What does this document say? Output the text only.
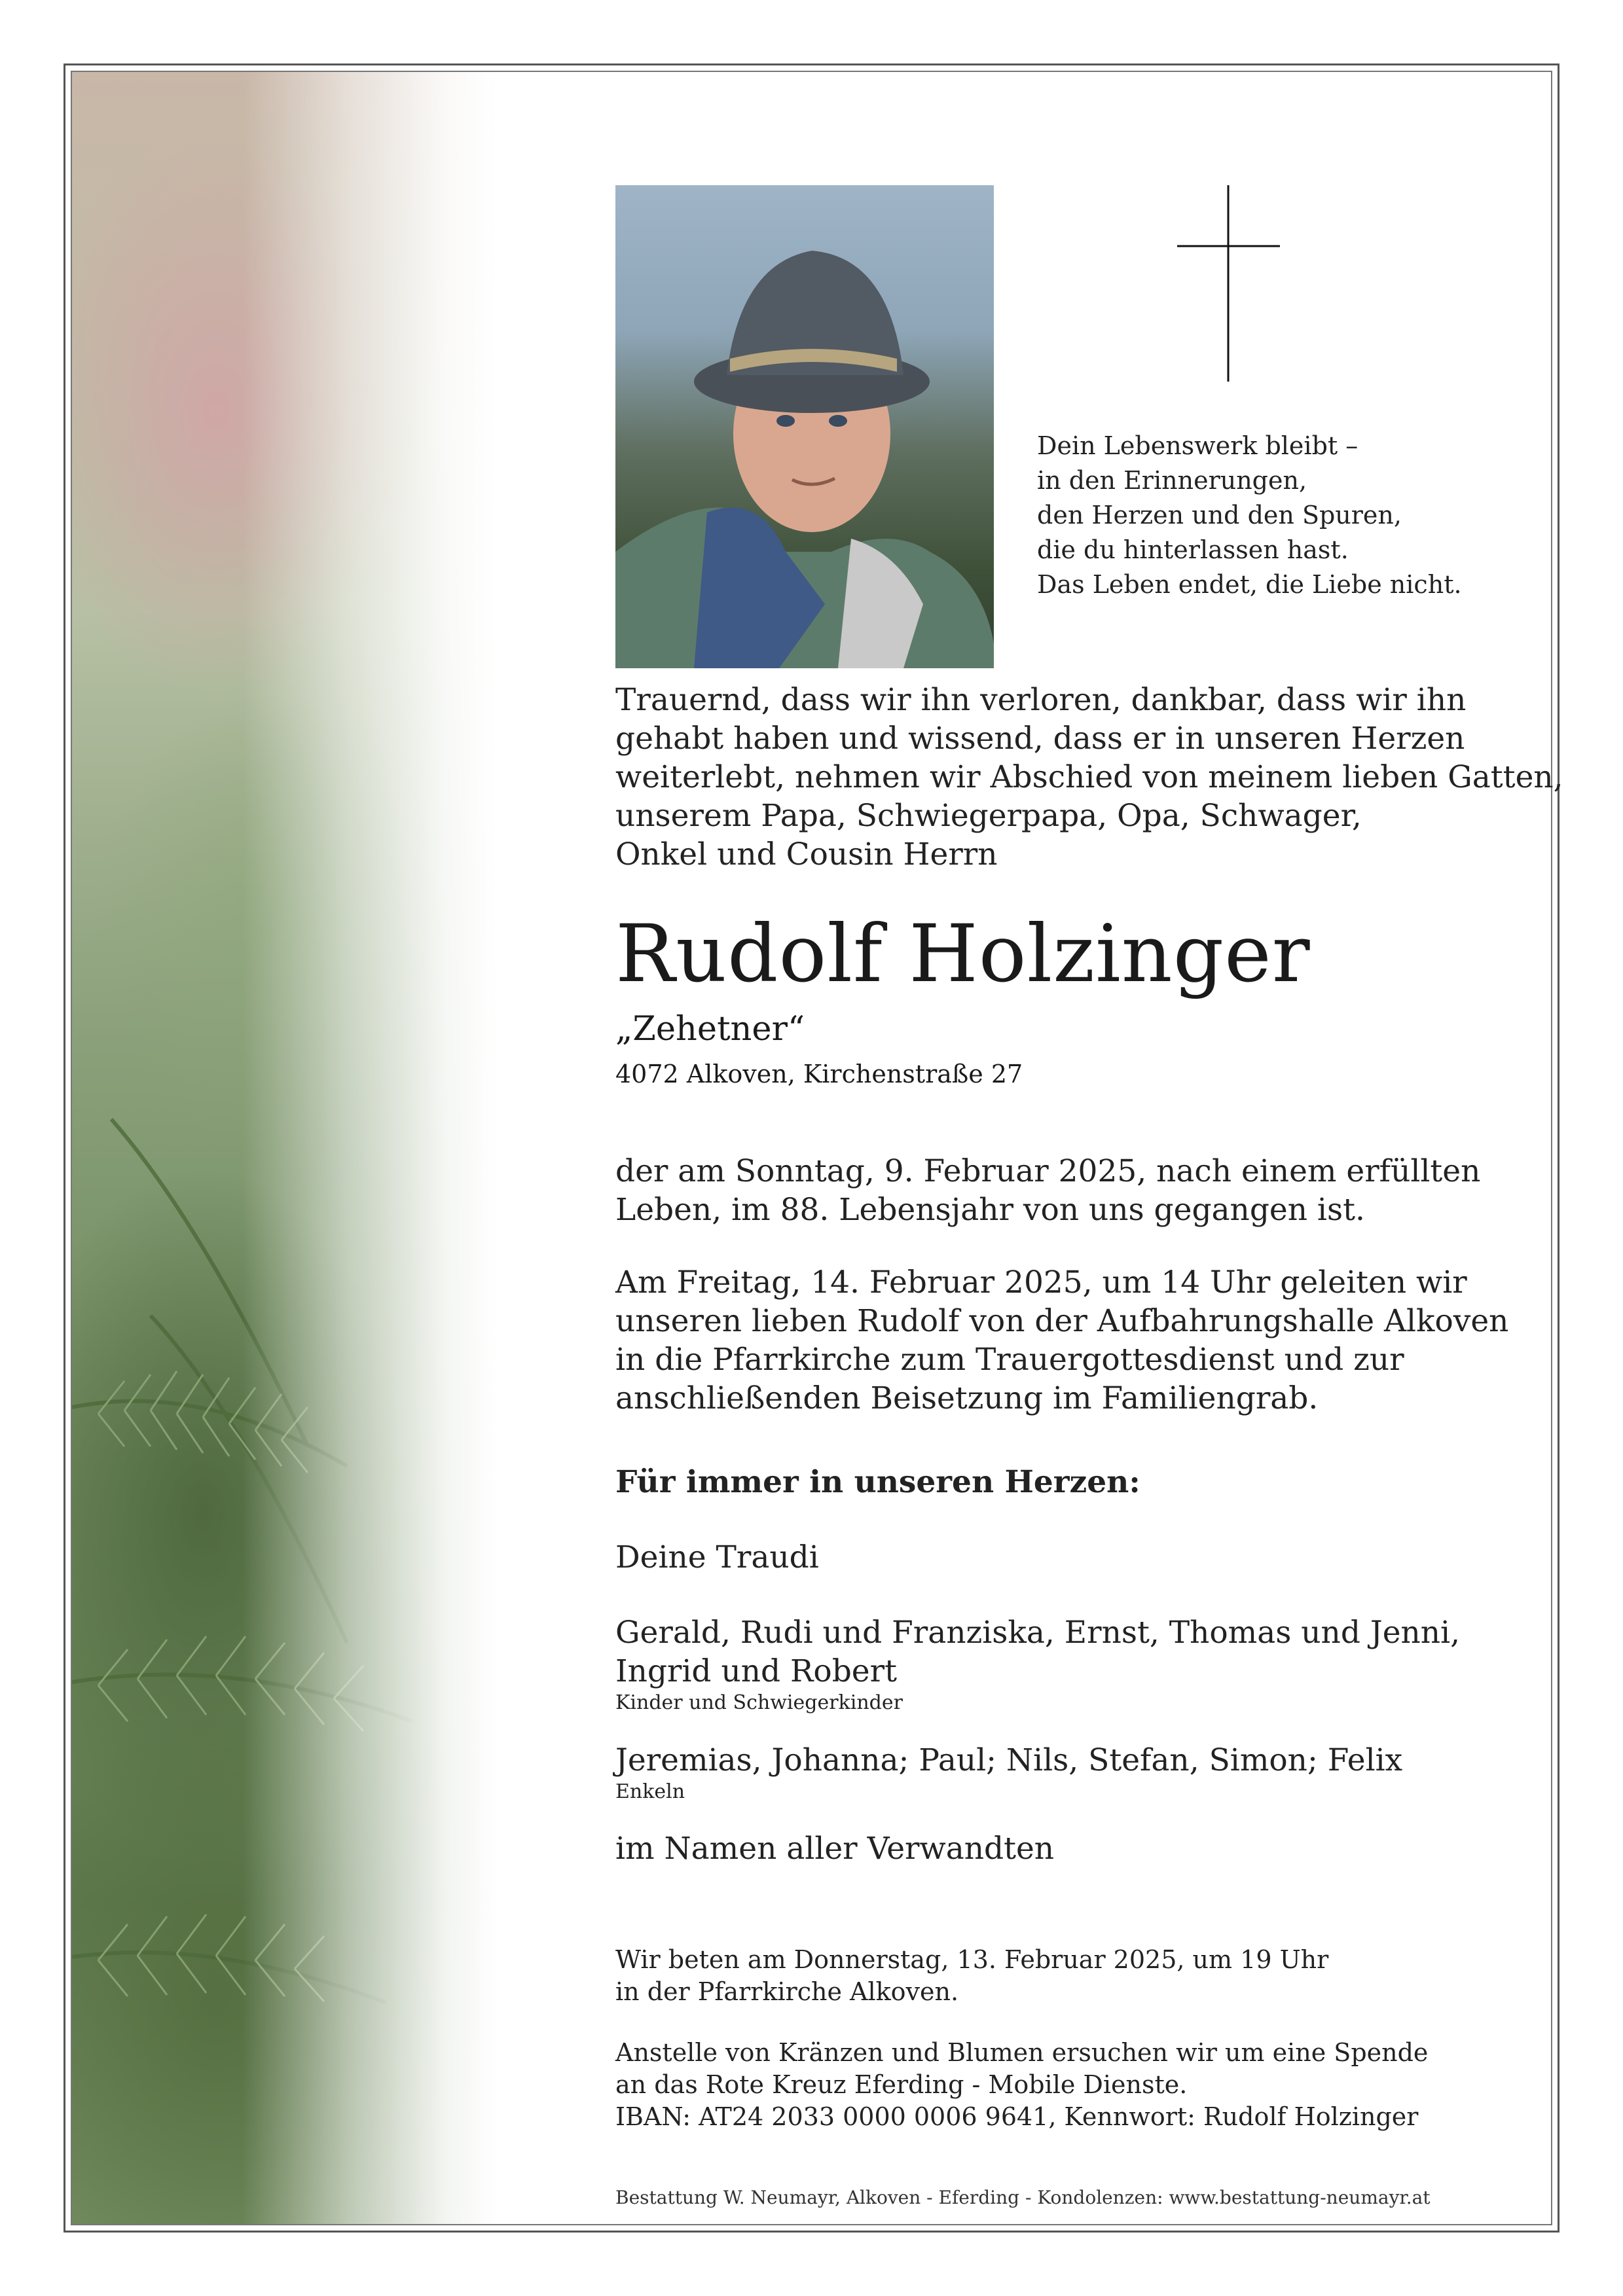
Dein Lebenswerk bleibt –
in den Erinnerungen,
den Herzen und den Spuren,
die du hinterlassen hast.
Das Leben endet, die Liebe nicht.
Trauernd, dass wir ihn verloren, dankbar, dass wir ihn
gehabt haben und wissend, dass er in unseren Herzen
weiterlebt, nehmen wir Abschied von meinem lieben Gatten,
unserem Papa, Schwiegerpapa, Opa, Schwager,
Onkel und Cousin Herrn
Rudolf Holzinger
„Zehetner“
4072 Alkoven, Kirchenstraße 27
der am Sonntag, 9. Februar 2025, nach einem erfüllten
Leben, im 88. Lebensjahr von uns gegangen ist.
Am Freitag, 14. Februar 2025, um 14 Uhr geleiten wir
unseren lieben Rudolf von der Aufbahrungshalle Alkoven
in die Pfarrkirche zum Trauergottesdienst und zur
anschließenden Beisetzung im Familiengrab.
Für immer in unseren Herzen:
Deine Traudi
Gerald, Rudi und Franziska, Ernst, Thomas und Jenni,
Ingrid und Robert
Kinder und Schwiegerkinder
Jeremias, Johanna; Paul; Nils, Stefan, Simon; Felix
Enkeln
im Namen aller Verwandten
Wir beten am Donnerstag, 13. Februar 2025, um 19 Uhr
in der Pfarrkirche Alkoven.
Anstelle von Kränzen und Blumen ersuchen wir um eine Spende
an das Rote Kreuz Eferding - Mobile Dienste.
IBAN: AT24 2033 0000 0006 9641, Kennwort: Rudolf Holzinger
Bestattung W. Neumayr, Alkoven - Eferding - Kondolenzen: www.bestattung-neumayr.at
